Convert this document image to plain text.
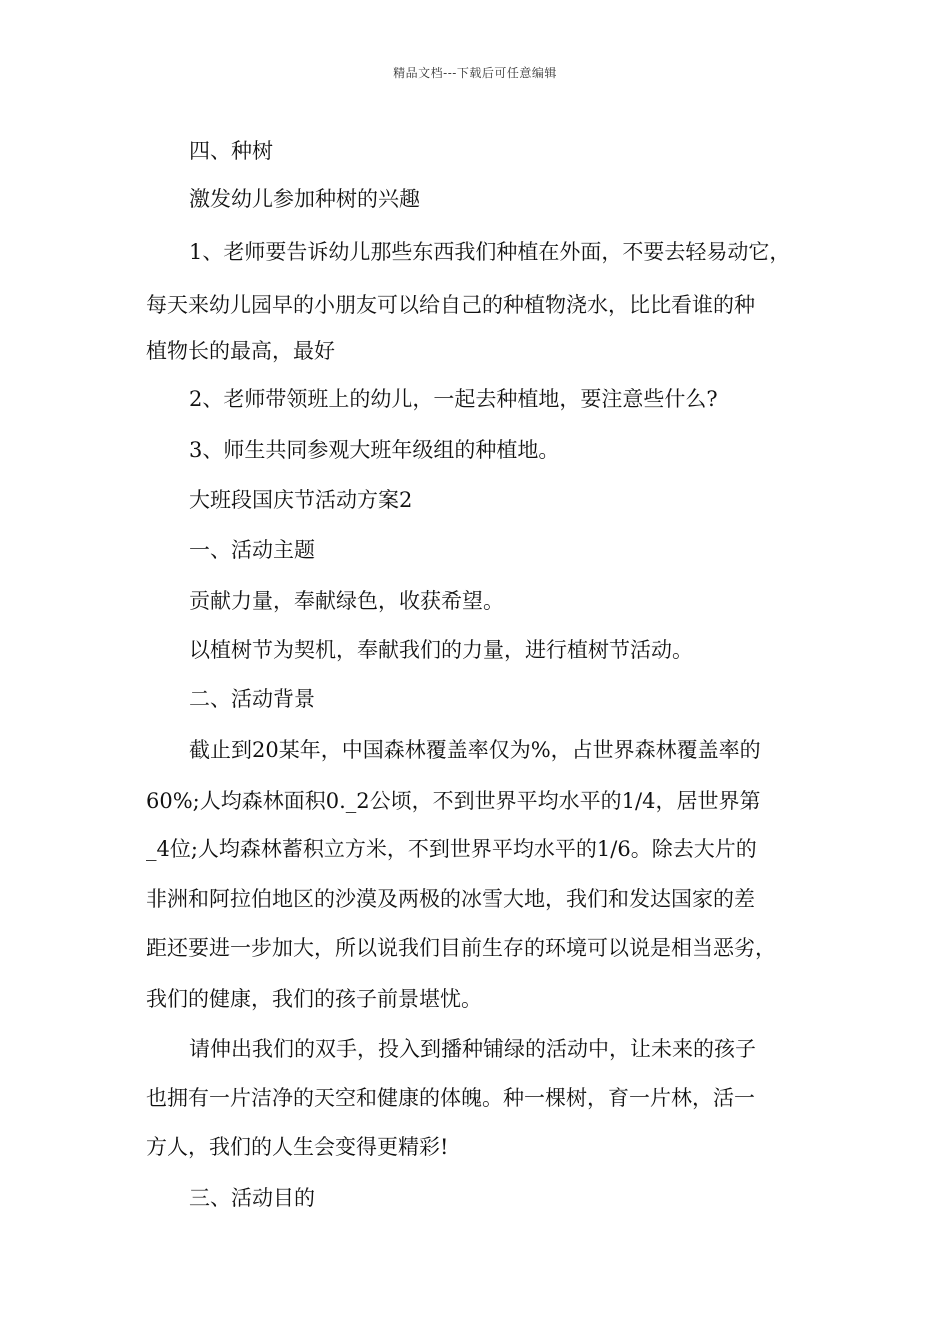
精品文档---下载后可任意编辑
四、种树
激发幼儿参加种树的兴趣
1、老师要告诉幼儿那些东西我们种植在外面，不要去轻易动它，
每天来幼儿园早的小朋友可以给自己的种植物浇水，比比看谁的种
植物长的最高，最好
2、老师带领班上的幼儿，一起去种植地，要注意些什么?
3、师生共同参观大班年级组的种植地。
大班段国庆节活动方案2
一、活动主题
贡献力量，奉献绿色，收获希望。
以植树节为契机，奉献我们的力量，进行植树节活动。
二、活动背景
截止到20某年，中国森林覆盖率仅为%，占世界森林覆盖率的
60%;人均森林面积0._2公顷，不到世界平均水平的1/4，居世界第
_4位;人均森林蓄积立方米，不到世界平均水平的1/6。除去大片的
非洲和阿拉伯地区的沙漠及两极的冰雪大地，我们和发达国家的差
距还要进一步加大，所以说我们目前生存的环境可以说是相当恶劣，
我们的健康，我们的孩子前景堪忧。
请伸出我们的双手，投入到播种铺绿的活动中，让未来的孩子
也拥有一片洁净的天空和健康的体魄。种一棵树，育一片林，活一
方人，我们的人生会变得更精彩!
三、活动目的
